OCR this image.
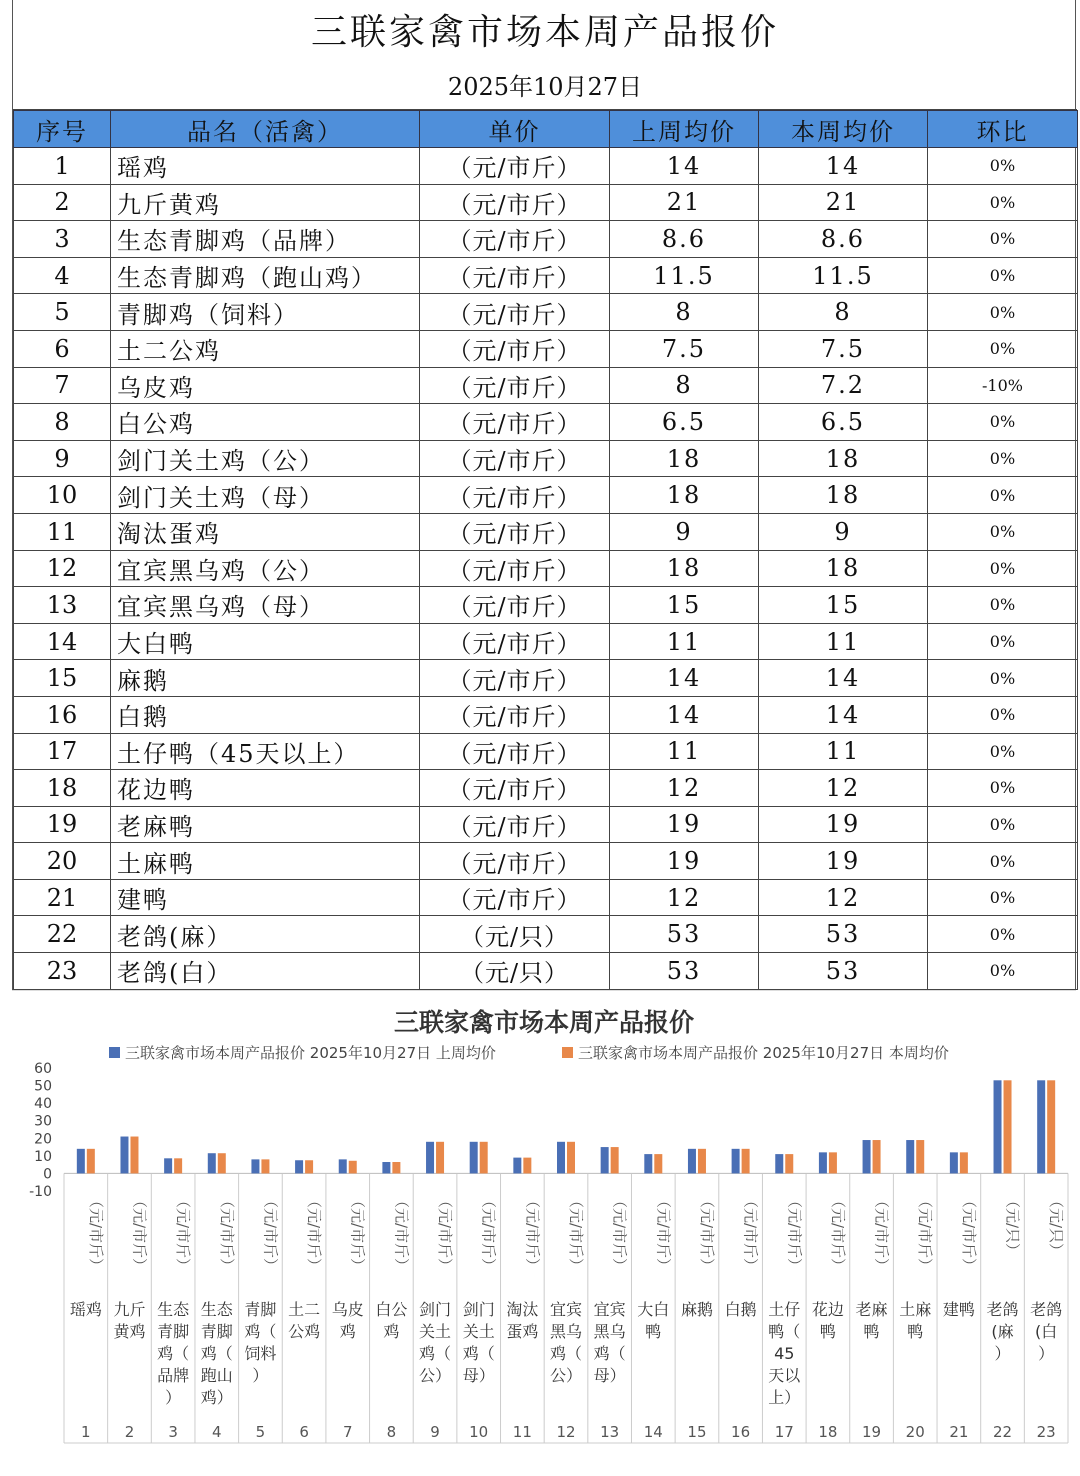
三联家禽市场本周产品报价
2025年10月27日
序号	品名（活禽）	单价	上周均价	本周均价	环比
1	瑶鸡	（元/市斤）	14	14	0%
2	九斤黄鸡	（元/市斤）	21	21	0%
3	生态青脚鸡（品牌）	（元/市斤）	8.6	8.6	0%
4	生态青脚鸡（跑山鸡）	（元/市斤）	11.5	11.5	0%
5	青脚鸡（饲料）	（元/市斤）	8	8	0%
6	土二公鸡	（元/市斤）	7.5	7.5	0%
7	乌皮鸡	（元/市斤）	8	7.2	-10%
8	白公鸡	（元/市斤）	6.5	6.5	0%
9	剑门关土鸡（公）	（元/市斤）	18	18	0%
10	剑门关土鸡（母）	（元/市斤）	18	18	0%
11	淘汰蛋鸡	（元/市斤）	9	9	0%
12	宜宾黑乌鸡（公）	（元/市斤）	18	18	0%
13	宜宾黑乌鸡（母）	（元/市斤）	15	15	0%
14	大白鸭	（元/市斤）	11	11	0%
15	麻鹅	（元/市斤）	14	14	0%
16	白鹅	（元/市斤）	14	14	0%
17	土仔鸭（45天以上）	（元/市斤）	11	11	0%
18	花边鸭	（元/市斤）	12	12	0%
19	老麻鸭	（元/市斤）	19	19	0%
20	土麻鸭	（元/市斤）	19	19	0%
21	建鸭	（元/市斤）	12	12	0%
22	老鸽(麻）	（元/只）	53	53	0%
23	老鸽(白）	（元/只）	53	53	0%
三联家禽市场本周产品报价
三联家禽市场本周产品报价 2025年10月27日 上周均价	三联家禽市场本周产品报价 2025年10月27日 本周均价
-10
0
10
20
30
40
50
60
（元/市斤）
瑶鸡
1
（元/市斤）
九斤黄鸡
2
（元/市斤）
生态青脚鸡（品牌）
3
（元/市斤）
生态青脚鸡（跑山鸡）
4
（元/市斤）
青脚鸡（饲料）
5
（元/市斤）
土二公鸡
6
（元/市斤）
乌皮鸡
7
（元/市斤）
白公鸡
8
（元/市斤）
剑门关土鸡（公）
9
（元/市斤）
剑门关土鸡（母）
10
（元/市斤）
淘汰蛋鸡
11
（元/市斤）
宜宾黑乌鸡（公）
12
（元/市斤）
宜宾黑乌鸡（母）
13
（元/市斤）
大白鸭
14
（元/市斤）
麻鹅
15
（元/市斤）
白鹅
16
（元/市斤）
土仔鸭（ 45 天以上）
17
（元/市斤）
花边鸭
18
（元/市斤）
老麻鸭
19
（元/市斤）
土麻鸭
20
（元/市斤）
建鸭
21
（元/只）
老鸽(麻）
22
（元/只）
老鸽(白）
23
